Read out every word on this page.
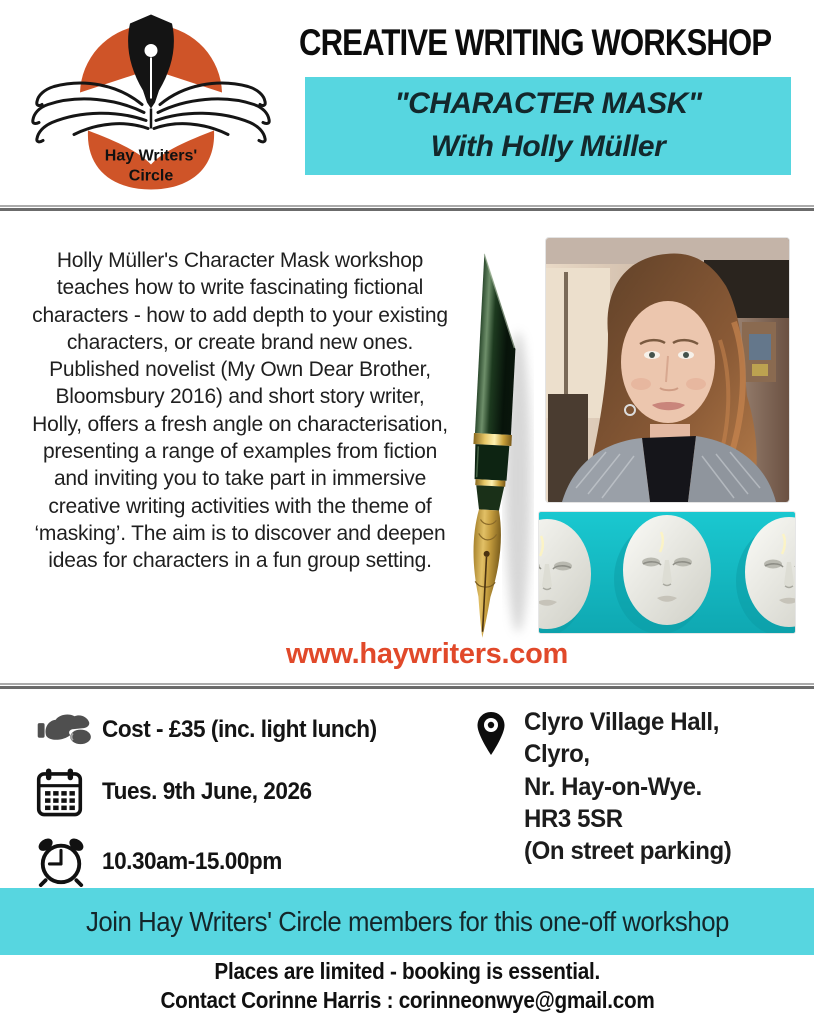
Hay Writers'
Circle
CREATIVE WRITING WORKSHOP
"CHARACTER MASK"
With Holly Müller

Holly Müller's Character Mask workshop teaches how to write fascinating fictional characters - how to add depth to your existing characters, or create brand new ones.

Published novelist (My Own Dear Brother, Bloomsbury 2016) and short story writer, Holly, offers a fresh angle on characterisation, presenting a range of examples from fiction and inviting you to take part in immersive creative writing activities with the theme of ‘masking’. The aim is to discover and deepen ideas for characters in a fun group setting.

www.haywriters.com
Cost - £35 (inc. light lunch)
Tues. 9th June, 2026
10.30am-15.00pm
Clyro Village Hall,
Clyro,
Nr. Hay-on-Wye.
HR3 5SR
(On street parking)
Join Hay Writers' Circle members for this one-off workshop
Places are limited - booking is essential.
Contact Corinne Harris : corinneonwye@gmail.com
